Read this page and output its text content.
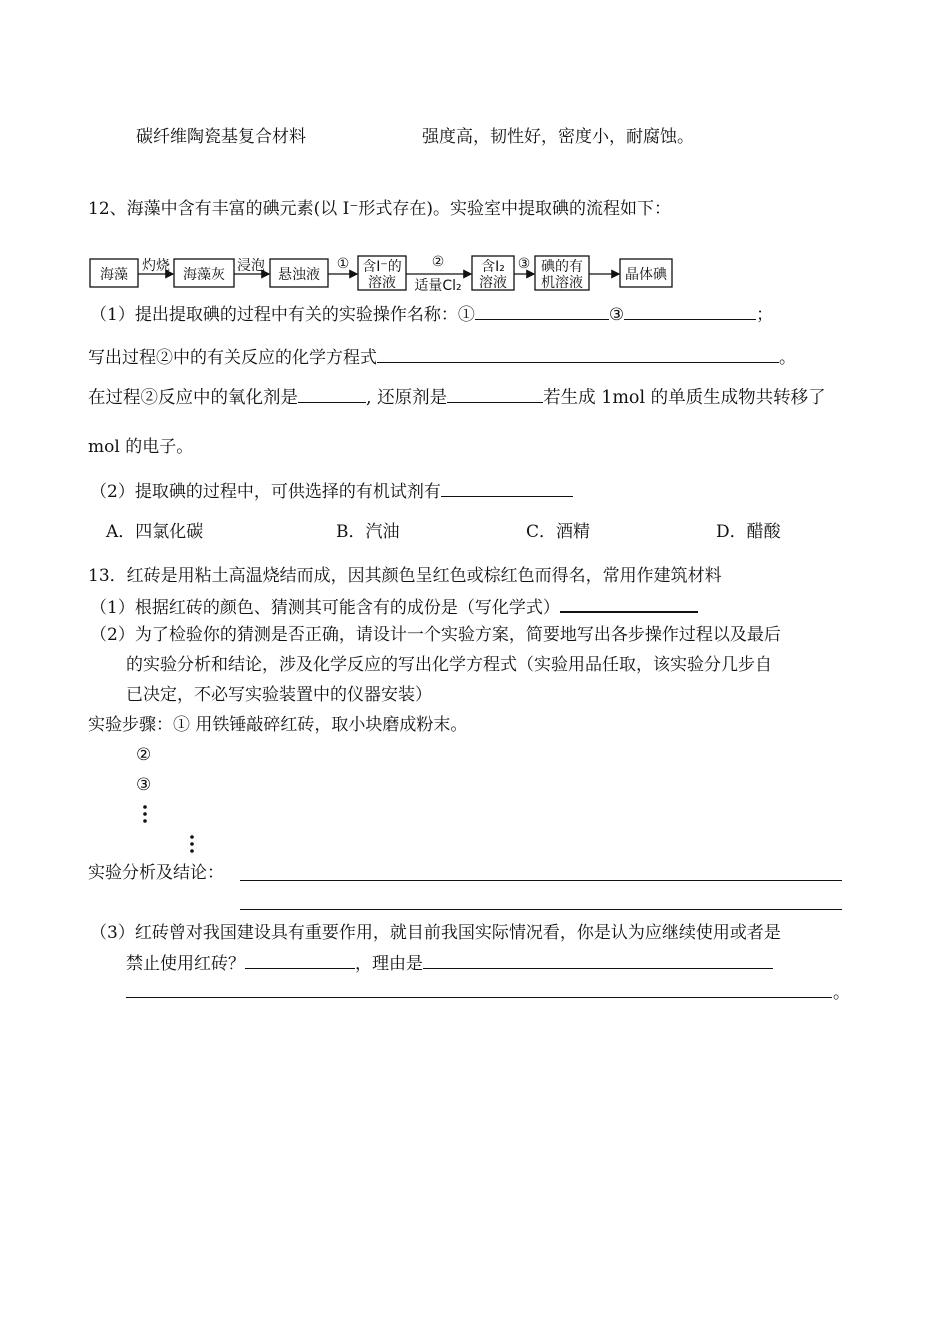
碳纤维陶瓷基复合材料	强度高，韧性好，密度小，耐腐蚀。
12、海藻中含有丰富的碘元素(以 I⁻形式存在)。实验室中提取碘的流程如下：
海藻	海藻灰	悬浊液	含I⁻的
溶液
含I₂
溶液
碘的有
机溶液	晶体碘
灼烧	浸泡	①	②
适量Cl₂
③
（1）提出提取碘的过程中有关的实验操作名称：①	③	；
写出过程②中的有关反应的化学方程式	。
在过程②反应中的氧化剂是	, 还原剂是	若生成 1mol 的单质生成物共转移了
mol 的电子。
（2）提取碘的过程中，可供选择的有机试剂有
A．四氯化碳	B．汽油	C．酒精	D．醋酸
13．红砖是用粘土高温烧结而成，因其颜色呈红色或棕红色而得名，常用作建筑材料
（1）根据红砖的颜色、猜测其可能含有的成份是（写化学式）
（2）为了检验你的猜测是否正确，请设计一个实验方案，简要地写出各步操作过程以及最后
的实验分析和结论，涉及化学反应的写出化学方程式（实验用品任取，该实验分几步自
已决定，不必写实验装置中的仪器安装）
实验步骤：① 用铁锤敲碎红砖，取小块磨成粉末。
②
③
实验分析及结论：
（3）红砖曾对我国建设具有重要作用，就目前我国实际情况看，你是认为应继续使用或者是
禁止使用红砖？	，理由是
。
